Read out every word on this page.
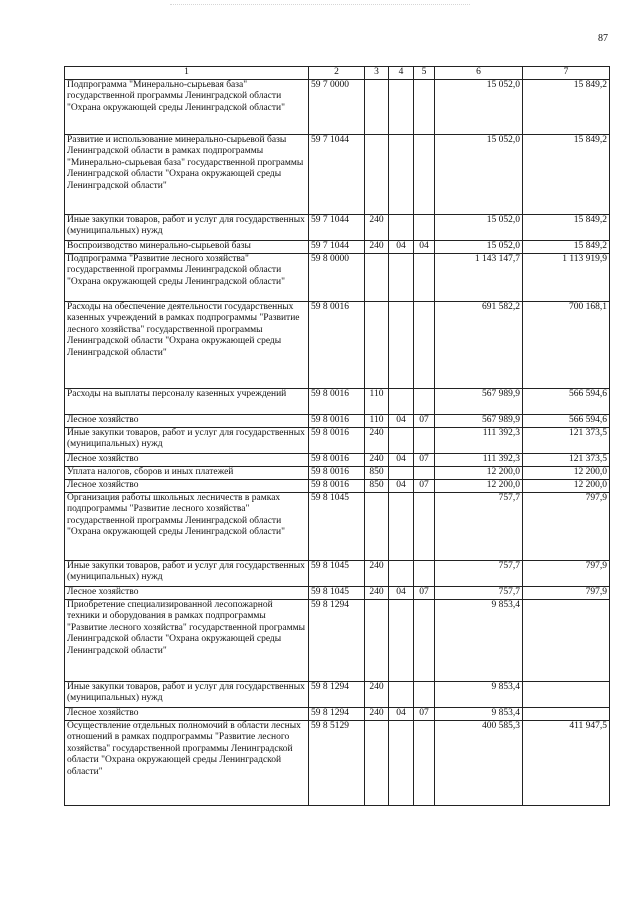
87
1	2	3	4	5	6	7
Подпрограмма "Минерально-сырьевая база" государственной программы Ленинградской области "Охрана окружающей среды Ленинградской области"	59 7 0000				15 052,0	15 849,2
Развитие и использование минерально-сырьевой базы Ленинградской области в рамках подпрограммы "Минерально-сырьевая база" государственной программы Ленинградской области "Охрана окружающей среды Ленинградской области"	59 7 1044				15 052,0	15 849,2
Иные закупки товаров, работ и услуг для государственных (муниципальных) нужд	59 7 1044	240			15 052,0	15 849,2
Воспроизводство минерально-сырьевой базы	59 7 1044	240	04	04	15 052,0	15 849,2
Подпрограмма "Развитие лесного хозяйства" государственной программы Ленинградской области "Охрана окружающей среды Ленинградской области"	59 8 0000				1 143 147,7	1 113 919,9
Расходы на обеспечение деятельности государственных казенных учреждений в рамках подпрограммы "Развитие лесного хозяйства" государственной программы Ленинградской области "Охрана окружающей среды Ленинградской области"	59 8 0016				691 582,2	700 168,1
Расходы на выплаты персоналу казенных учреждений	59 8 0016	110			567 989,9	566 594,6
Лесное хозяйство	59 8 0016	110	04	07	567 989,9	566 594,6
Иные закупки товаров, работ и услуг для государственных (муниципальных) нужд	59 8 0016	240			111 392,3	121 373,5
Лесное хозяйство	59 8 0016	240	04	07	111 392,3	121 373,5
Уплата налогов, сборов и иных платежей	59 8 0016	850			12 200,0	12 200,0
Лесное хозяйство	59 8 0016	850	04	07	12 200,0	12 200,0
Организация работы школьных лесничеств в рамках подпрограммы "Развитие лесного хозяйства" государственной программы Ленинградской области "Охрана окружающей среды Ленинградской области"	59 8 1045				757,7	797,9
Иные закупки товаров, работ и услуг для государственных (муниципальных) нужд	59 8 1045	240			757,7	797,9
Лесное хозяйство	59 8 1045	240	04	07	757,7	797,9
Приобретение специализированной лесопожарной техники и оборудования в рамках подпрограммы "Развитие лесного хозяйства" государственной программы Ленинградской области "Охрана окружающей среды Ленинградской области"	59 8 1294				9 853,4	
Иные закупки товаров, работ и услуг для государственных (муниципальных) нужд	59 8 1294	240			9 853,4	
Лесное хозяйство	59 8 1294	240	04	07	9 853,4	
Осуществление отдельных полномочий в области лесных отношений в рамках подпрограммы "Развитие лесного хозяйства" государственной программы Ленинградской области "Охрана окружающей среды Ленинградской области"	59 8 5129				400 585,3	411 947,5
